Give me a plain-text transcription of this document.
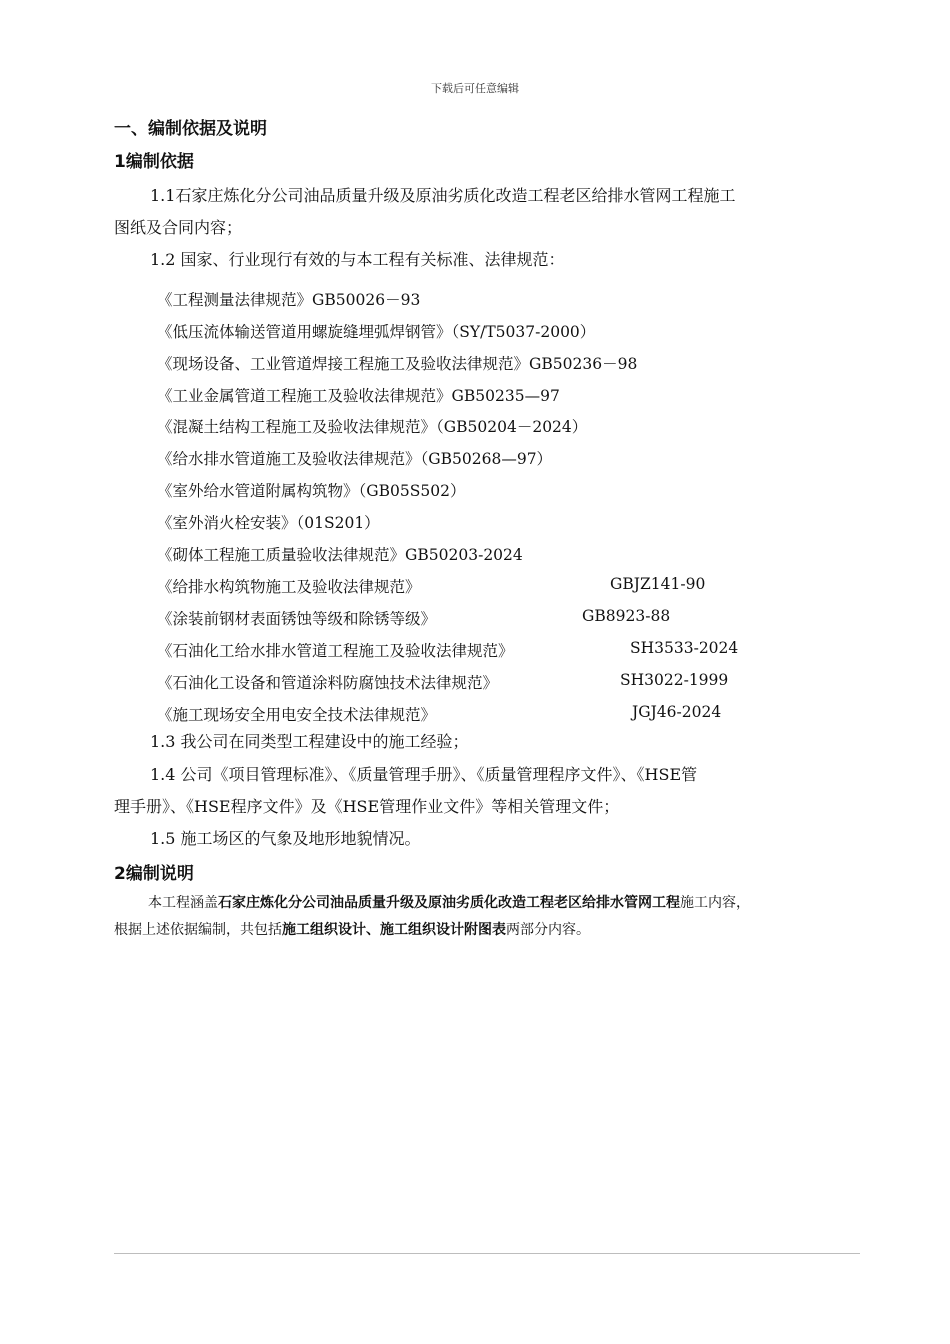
下载后可任意编辑
一、编制依据及说明
1编制依据
1.1石家庄炼化分公司油品质量升级及原油劣质化改造工程老区给排水管网工程施工
图纸及合同内容；
1.2 国家、行业现行有效的与本工程有关标准、法律规范：
《工程测量法律规范》GB50026－93
《低压流体输送管道用螺旋缝埋弧焊钢管》（SY/T5037-2000）
《现场设备、工业管道焊接工程施工及验收法律规范》GB50236－98
《工业金属管道工程施工及验收法律规范》GB50235—97
《混凝土结构工程施工及验收法律规范》（GB50204－2024）
《给水排水管道施工及验收法律规范》（GB50268—97）
《室外给水管道附属构筑物》（GB05S502）
《室外消火栓安装》（01S201）
《砌体工程施工质量验收法律规范》GB50203-2024
《给排水构筑物施工及验收法律规范》	GBJZ141-90
《涂装前钢材表面锈蚀等级和除锈等级》	GB8923-88
《石油化工给水排水管道工程施工及验收法律规范》	SH3533-2024
《石油化工设备和管道涂料防腐蚀技术法律规范》	SH3022-1999
《施工现场安全用电安全技术法律规范》	JGJ46-2024
1.3 我公司在同类型工程建设中的施工经验；
1.4 公司《项目管理标准》、《质量管理手册》、《质量管理程序文件》、《HSE管
理手册》、《HSE程序文件》及《HSE管理作业文件》等相关管理文件；
1.5 施工场区的气象及地形地貌情况。
2编制说明
本工程涵盖石家庄炼化分公司油品质量升级及原油劣质化改造工程老区给排水管网工程施工内容，
根据上述依据编制，共包括施工组织设计、施工组织设计附图表两部分内容。
